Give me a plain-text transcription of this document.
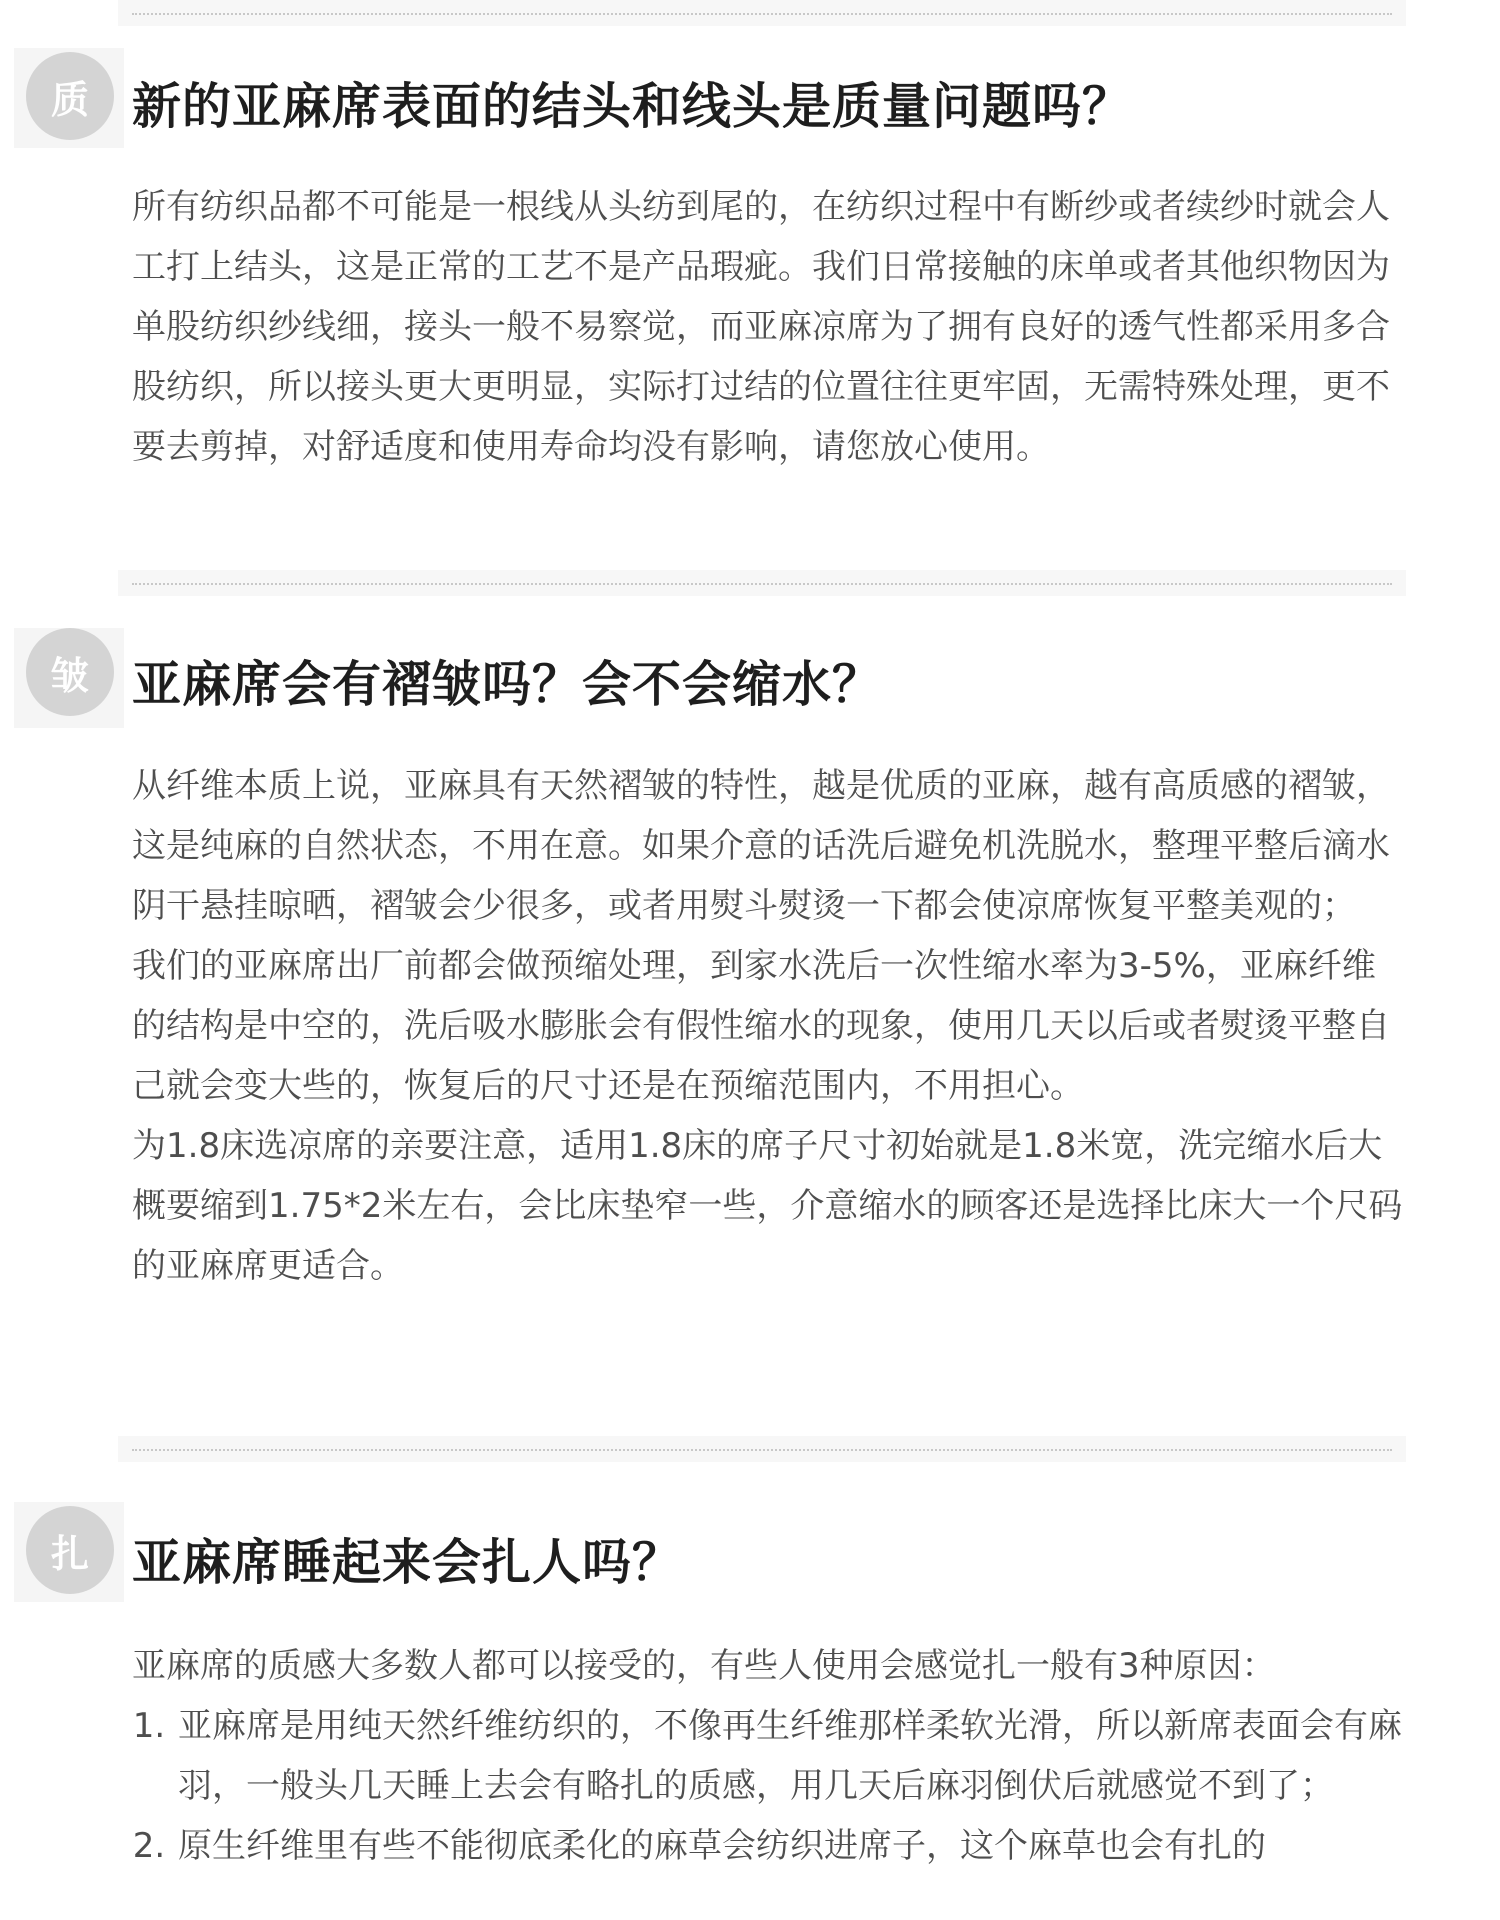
质 新的亚麻席表面的结头和线头是质量问题吗？

所有纺织品都不可能是一根线从头纺到尾的，在纺织过程中有断纱或者续纱时就会人工打上结头，这是正常的工艺不是产品瑕疵。我们日常接触的床单或者其他织物因为单股纺织纱线细，接头一般不易察觉，而亚麻凉席为了拥有良好的透气性都采用多合股纺织，所以接头更大更明显，实际打过结的位置往往更牢固，无需特殊处理，更不要去剪掉，对舒适度和使用寿命均没有影响，请您放心使用。

皱 亚麻席会有褶皱吗？会不会缩水？

从纤维本质上说，亚麻具有天然褶皱的特性，越是优质的亚麻，越有高质感的褶皱，这是纯麻的自然状态，不用在意。如果介意的话洗后避免机洗脱水，整理平整后滴水阴干悬挂晾晒，褶皱会少很多，或者用熨斗熨烫一下都会使凉席恢复平整美观的；

我们的亚麻席出厂前都会做预缩处理，到家水洗后一次性缩水率为3-5%，亚麻纤维的结构是中空的，洗后吸水膨胀会有假性缩水的现象，使用几天以后或者熨烫平整自己就会变大些的，恢复后的尺寸还是在预缩范围内，不用担心。

为1.8床选凉席的亲要注意，适用1.8床的席子尺寸初始就是1.8米宽，洗完缩水后大概要缩到1.75*2米左右，会比床垫窄一些，介意缩水的顾客还是选择比床大一个尺码的亚麻席更适合。

扎 亚麻席睡起来会扎人吗？

亚麻席的质感大多数人都可以接受的，有些人使用会感觉扎一般有3种原因：

1. 亚麻席是用纯天然纤维纺织的，不像再生纤维那样柔软光滑，所以新席表面会有麻羽，一般头几天睡上去会有略扎的质感，用几天后麻羽倒伏后就感觉不到了；
2. 原生纤维里有些不能彻底柔化的麻草会纺织进席子，这个麻草也会有扎的
